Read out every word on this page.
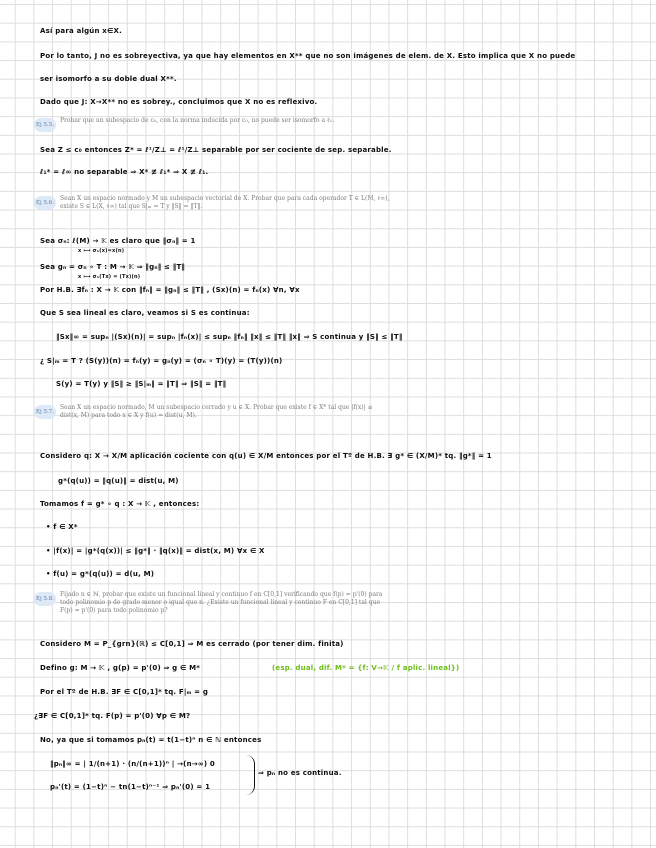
Así para algún x∈X.
Por lo tanto, J no es sobreyectiva, ya que hay elementos en X** que no son imágenes de elem. de X. Esto implica que X no puede
ser isomorfo a su doble dual X**.
Dado que J: X→X** no es sobrey., concluimos que X no es reflexivo.
Ej 5.5.
Probar que un subespacio de c₀, con la norma inducida por c₀, no puede ser isomorfo a ℓ₁.
Sea Z ≤ c₀ entonces Z* = ℓ¹/Z⊥ = ℓ¹/Z⊥ separable por ser cociente de sep. separable.
ℓ₁* = ℓ∞ no separable ⇒ X* ≇ ℓ₁* ⇒ X ≇ ℓ₁.
Ej 5.6.
Sean X un espacio normado y M un subespacio vectorial de X. Probar que para cada operador T ∈ L(M, ℓ∞), existe S ∈ L(X, ℓ∞) tal que S|ₘ = T y ‖S‖ = ‖T‖.
Sea σₙ: ℓ(M) → 𝕂 es claro que ‖σₙ‖ = 1
x ⟼ σₙ(x)=x(n)
Sea gₙ = σₙ ∘ T : M → 𝕂 ⇒ ‖gₙ‖ ≤ ‖T‖
x ⟼ σₙ(Tx) = (Tx)(n)
Por H.B. ∃fₙ : X → 𝕂 con ‖fₙ‖ = ‖gₙ‖ ≤ ‖T‖ , (Sx)(n) = fₙ(x) ∀n, ∀x
Que S sea lineal es claro, veamos si S es continua:
‖Sx‖∞ = supₙ |(Sx)(n)| = supₙ |fₙ(x)| ≤ supₙ ‖fₙ‖ ‖x‖ ≤ ‖T‖ ‖x‖ ⇒ S continua y ‖S‖ ≤ ‖T‖
¿ S|ₘ = T ? (S(y))(n) = fₙ(y) = gₙ(y) = (σₙ ∘ T)(y) = (T(y))(n)
S(y) = T(y) y ‖S‖ ≥ ‖S|ₘ‖ = ‖T‖ ⇒ ‖S‖ = ‖T‖
Ej 5.7.
Sean X un espacio normado, M un subespacio cerrado y u ∈ X. Probar que existe f ∈ X* tal que |f(x)| ≤ dist(x, M) para todo x ∈ X y f(u) = dist(u, M).
Considero q: X → X/M aplicación cociente con q(u) ∈ X/M entonces por el Tº de H.B. ∃ g* ∈ (X/M)* tq. ‖g*‖ = 1
g*(q(u)) = ‖q(u)‖ = dist(u, M)
Tomamos f = g* ∘ q : X → 𝕂 , entonces:
• f ∈ X*
• |f(x)| = |g*(q(x))| ≤ ‖g*‖ · ‖q(x)‖ = dist(x, M) ∀x ∈ X
• f(u) = g*(q(u)) = d(u, M)
Ej 5.8.
Fijado n ∈ ℕ, probar que existe un funcional lineal y continuo f en C[0,1] verificando que f(p) = p'(0) para todo polinomio p de grado menor o igual que n. ¿Existe un funcional lineal y continuo F en C[0,1] tal que F(p) = p'(0) para todo polinomio p?
Considero M = P_{grn}(ℝ) ≤ C[0,1] ⇒ M es cerrado (por tener dim. finita)
Defino g: M → 𝕂 , g(p) = p'(0) ⇒ g ∈ M*	(esp. dual, dif. M* = {f: V→𝕂 / f aplic. lineal})
Por el Tº de H.B. ∃F ∈ C[0,1]* tq. F|ₘ = g
¿∃F ∈ C[0,1]* tq. F(p) = p'(0) ∀p ∈ M?
No, ya que si tomamos pₙ(t) = t(1−t)ⁿ n ∈ ℕ entonces
‖pₙ‖∞ = | 1/(n+1) · (n/(n+1))ⁿ | →(n→∞) 0
pₙ'(t) = (1−t)ⁿ − tn(1−t)ⁿ⁻¹ ⇒ pₙ'(0) = 1
⇒ pₙ no es continua.
